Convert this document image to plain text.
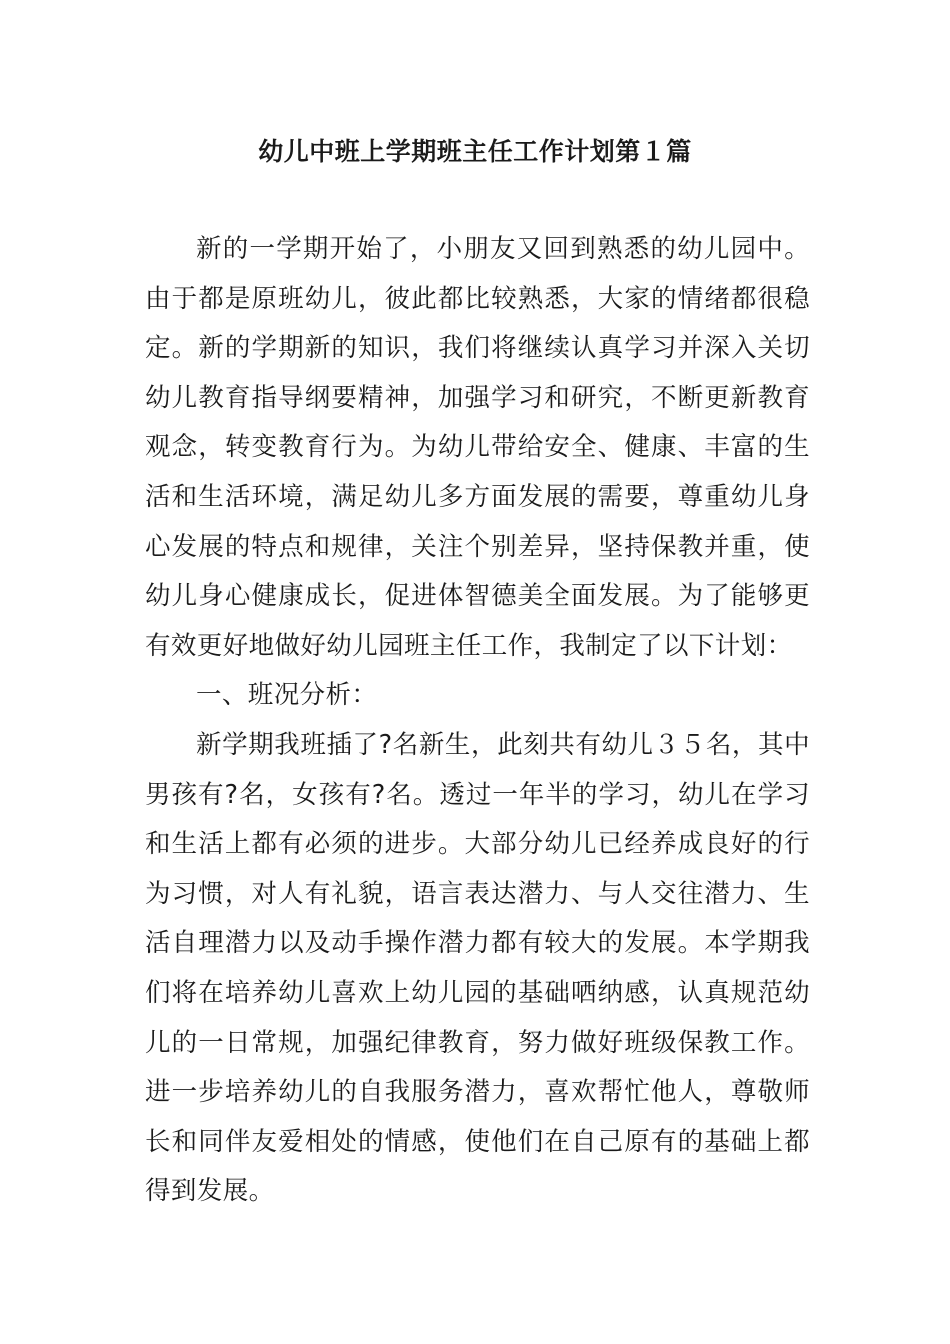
幼儿中班上学期班主任工作计划第１篇

新的一学期开始了，小朋友又回到熟悉的幼儿园中。由于都是原班幼儿，彼此都比较熟悉，大家的情绪都很稳定。新的学期新的知识，我们将继续认真学习并深入关切幼儿教育指导纲要精神，加强学习和研究，不断更新教育观念，转变教育行为。为幼儿带给安全、健康、丰富的生活和生活环境，满足幼儿多方面发展的需要，尊重幼儿身心发展的特点和规律，关注个别差异，坚持保教并重，使幼儿身心健康成长，促进体智德美全面发展。为了能够更有效更好地做好幼儿园班主任工作，我制定了以下计划：

一、班况分析：

新学期我班插了?名新生，此刻共有幼儿３５名，其中男孩有?名，女孩有?名。透过一年半的学习，幼儿在学习和生活上都有必须的进步。大部分幼儿已经养成良好的行为习惯，对人有礼貌，语言表达潜力、与人交往潜力、生活自理潜力以及动手操作潜力都有较大的发展。本学期我们将在培养幼儿喜欢上幼儿园的基础哂纳感，认真规范幼儿的一日常规，加强纪律教育，努力做好班级保教工作。进一步培养幼儿的自我服务潜力，喜欢帮忙他人，尊敬师长和同伴友爱相处的情感，使他们在自己原有的基础上都得到发展。
